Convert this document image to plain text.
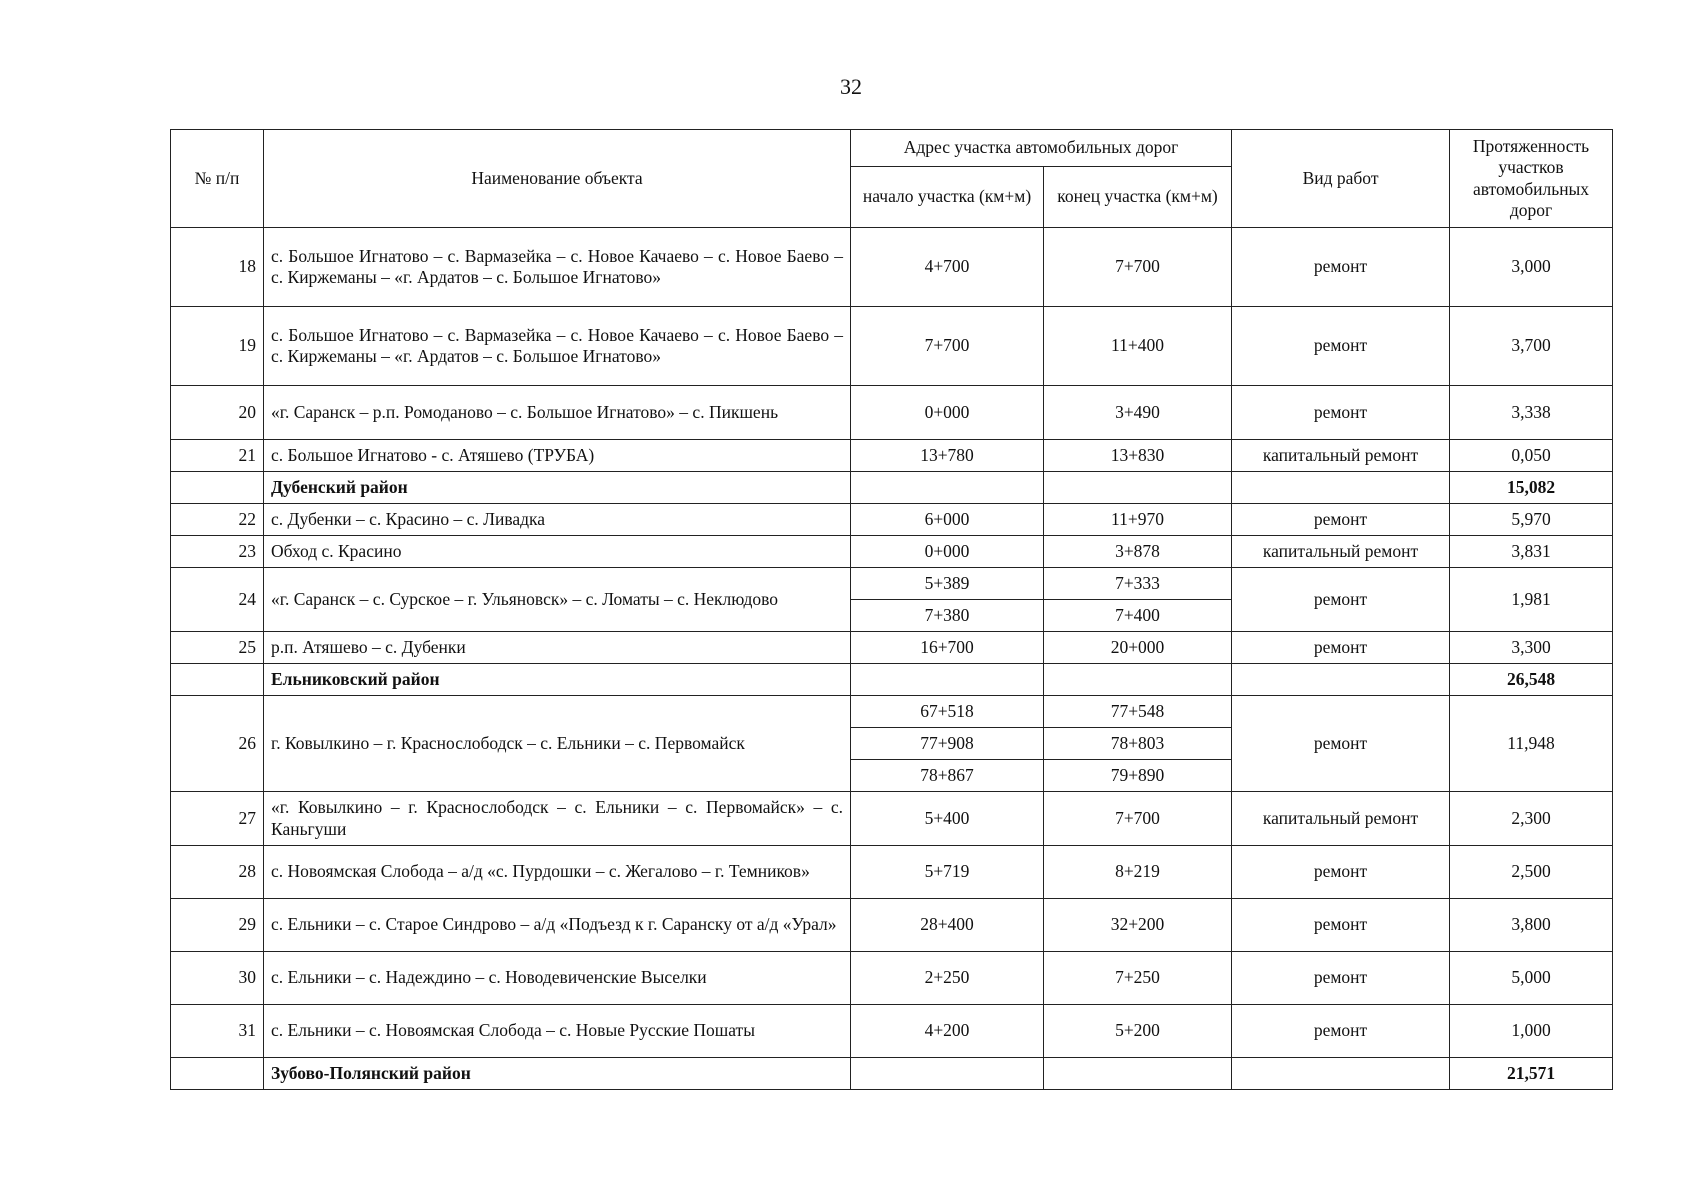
32
№ п/п	Наименование объекта	Адрес участка автомобильных дорог		Вид работ	Протяженность участков автомобильных дорог
		начало участка (км+м)	конец участка (км+м)		
18	с. Большое Игнатово – с. Вармазейка – с. Новое Качаево – с. Новое Баево – с. Киржеманы – «г. Ардатов – с. Большое Игнатово»	4+700	7+700	ремонт	3,000
19	с. Большое Игнатово – с. Вармазейка – с. Новое Качаево – с. Новое Баево – с. Киржеманы – «г. Ардатов – с. Большое Игнатово»	7+700	11+400	ремонт	3,700
20	«г. Саранск – р.п. Ромоданово – с. Большое Игнатово» – с. Пикшень	0+000	3+490	ремонт	3,338
21	с. Большое Игнатово - с. Атяшево (ТРУБА)	13+780	13+830	капитальный ремонт	0,050
	Дубенский район				15,082
22	с. Дубенки – с. Красино – с. Ливадка	6+000	11+970	ремонт	5,970
23	Обход с. Красино	0+000	3+878	капитальный ремонт	3,831
24	«г. Саранск – с. Сурское – г. Ульяновск» – с. Ломаты – с. Неклюдово	5+389	7+333	ремонт	1,981
		7+380	7+400		
25	р.п. Атяшево – с. Дубенки	16+700	20+000	ремонт	3,300
	Ельниковский район				26,548
26	г. Ковылкино – г. Краснослободск – с. Ельники – с. Первомайск	67+518	77+548	ремонт	11,948
		77+908	78+803		
		78+867	79+890		
27	«г. Ковылкино – г. Краснослободск – с. Ельники – с. Первомайск» – с. Каньгуши	5+400	7+700	капитальный ремонт	2,300
28	с. Новоямская Слобода – а/д «с. Пурдошки – с. Жегалово – г. Темников»	5+719	8+219	ремонт	2,500
29	с. Ельники – с. Старое Синдрово – а/д «Подъезд к г. Саранску от а/д «Урал»	28+400	32+200	ремонт	3,800
30	с. Ельники – с. Надеждино – с. Новодевиченские Выселки	2+250	7+250	ремонт	5,000
31	с. Ельники – с. Новоямская Слобода – с. Новые Русские Пошаты	4+200	5+200	ремонт	1,000
	Зубово-Полянский район				21,571
